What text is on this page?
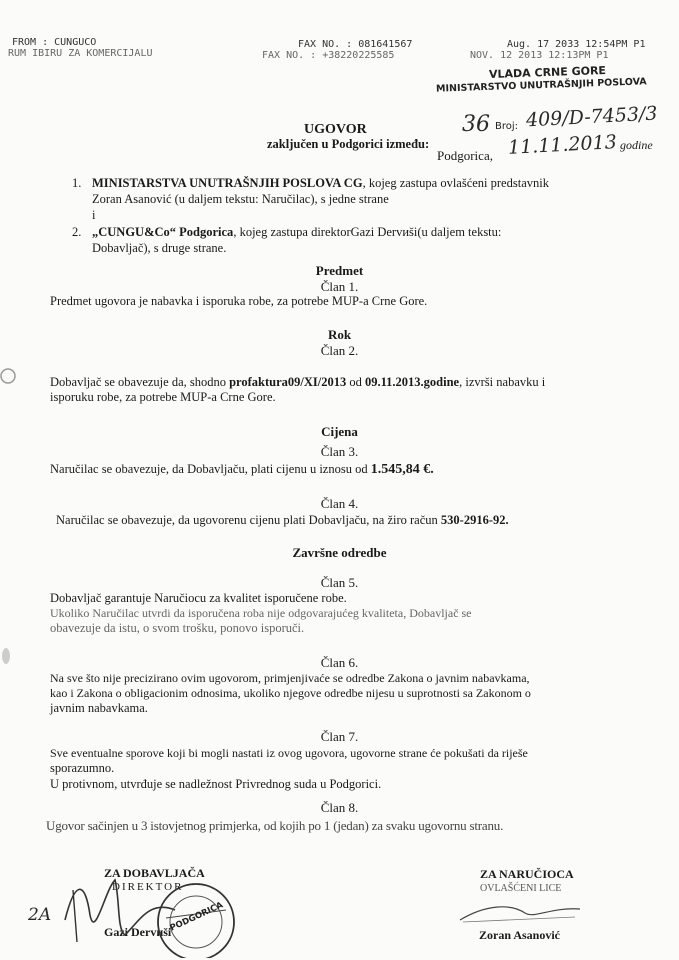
FROM : CUNGUCO
RUM IBIRU ZA KOMERCIJALU
FAX NO. : 081641567
FAX NO. : +38220225585
Aug. 17 2033 12:54PM P1
NOV. 12 2013 12:13PM P1
VLADA CRNE GORE
MINISTARSTVO UNUTRAŠNJIH POSLOVA
36 Broj: 409/D-7453/3
Podgorica, 11.11.2013 godine
UGOVOR
zaključen u Podgorici između:
1. MINISTARSTVA UNUTRAŠNJIH POSLOVA CG, kojeg zastupa ovlašćeni predstavnik
Zoran Asanović (u daljem tekstu: Naručilac), s jedne strane
i
2. „CUNGU&Co“ Podgorica, kojeg zastupa direktorGazi Dervиši(u daljem tekstu:
Dobavljač), s druge strane.
Predmet
Član 1.
Predmet ugovora je nabavka i isporuka robe, za potrebe MUP-a Crne Gore.
Rok
Član 2.
Dobavljač se obavezuje da, shodno profaktura09/XI/2013 od 09.11.2013.godine, izvrši nabavku i
isporuku robe, za potrebe MUP-a Crne Gore.
Cijena
Član 3.
Naručilac se obavezuje, da Dobavljaču, plati cijenu u iznosu od 1.545,84 €.
Član 4.
Naručilac se obavezuje, da ugovorenu cijenu plati Dobavljaču, na žiro račun 530-2916-92.
Završne odredbe
Član 5.
Dobavljač garantuje Naručiocu za kvalitet isporučene robe.
Ukoliko Naručilac utvrdi da isporučena roba nije odgovarajućeg kvaliteta, Dobavljač se
obavezuje da istu, o svom trošku, ponovo isporuči.
Član 6.
Na sve što nije precizirano ovim ugovorom, primjenjivaće se odredbe Zakona o javnim nabavkama,
kao i Zakona o obligacionim odnosima, ukoliko njegove odredbe nijesu u suprotnosti sa Zakonom o
javnim nabavkama.
Član 7.
Sve eventualne sporove koji bi mogli nastati iz ovog ugovora, ugovorne strane će pokušati da riješe
sporazumno.
U protivnom, utvrđuje se nadležnost Privrednog suda u Podgorici.
Član 8.
Ugovor sačinjen u 3 istovjetnog primjerka, od kojih po 1 (jedan) za svaku ugovornu stranu.
ZA DOBAVLJAČA
DIREKTOR
Gazi Dervиši
2A	PODGORICA
ZA NARUČIOCA
OVLAŠĆENI LICE
Zoran Asanović
